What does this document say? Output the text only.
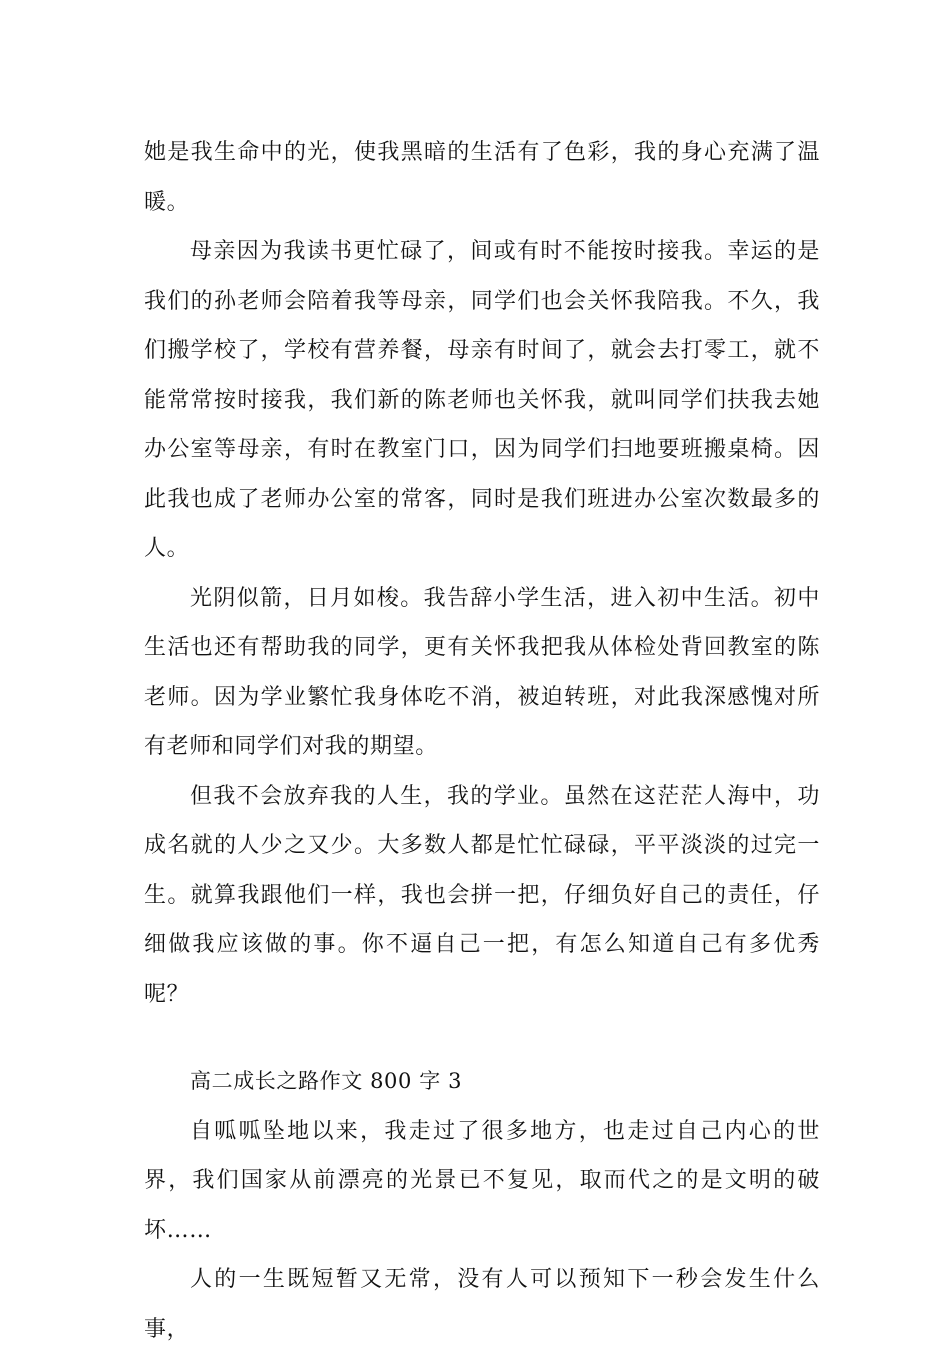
她是我生命中的光，使我黑暗的生活有了色彩，我的身心充满了温暖。

母亲因为我读书更忙碌了，间或有时不能按时接我。幸运的是我们的孙老师会陪着我等母亲，同学们也会关怀我陪我。不久，我们搬学校了，学校有营养餐，母亲有时间了，就会去打零工，就不能常常按时接我，我们新的陈老师也关怀我，就叫同学们扶我去她办公室等母亲，有时在教室门口，因为同学们扫地要班搬桌椅。因此我也成了老师办公室的常客，同时是我们班进办公室次数最多的人。

光阴似箭，日月如梭。我告辞小学生活，进入初中生活。初中生活也还有帮助我的同学，更有关怀我把我从体检处背回教室的陈老师。因为学业繁忙我身体吃不消，被迫转班，对此我深感愧对所有老师和同学们对我的期望。

但我不会放弃我的人生，我的学业。虽然在这茫茫人海中，功成名就的人少之又少。大多数人都是忙忙碌碌，平平淡淡的过完一生。就算我跟他们一样，我也会拼一把，仔细负好自己的责任，仔细做我应该做的事。你不逼自己一把，有怎么知道自己有多优秀呢？

高二成长之路作文 800 字 3

自呱呱坠地以来，我走过了很多地方，也走过自己内心的世界，我们国家从前漂亮的光景已不复见，取而代之的是文明的破坏……

人的一生既短暂又无常，没有人可以预知下一秒会发生什么事，
